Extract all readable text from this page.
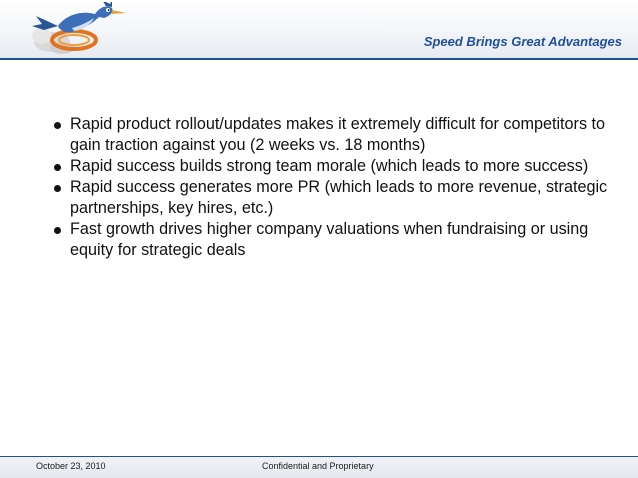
Speed Brings Great Advantages
Rapid product rollout/updates makes it extremely difficult for competitors to gain traction against you (2 weeks vs. 18 months)
Rapid success builds strong team morale (which leads to more success)
Rapid success generates more PR (which leads to more revenue, strategic partnerships, key hires, etc.)
Fast growth drives higher company valuations when fundraising or using equity for strategic deals
October 23, 2010	Confidential and Proprietary
